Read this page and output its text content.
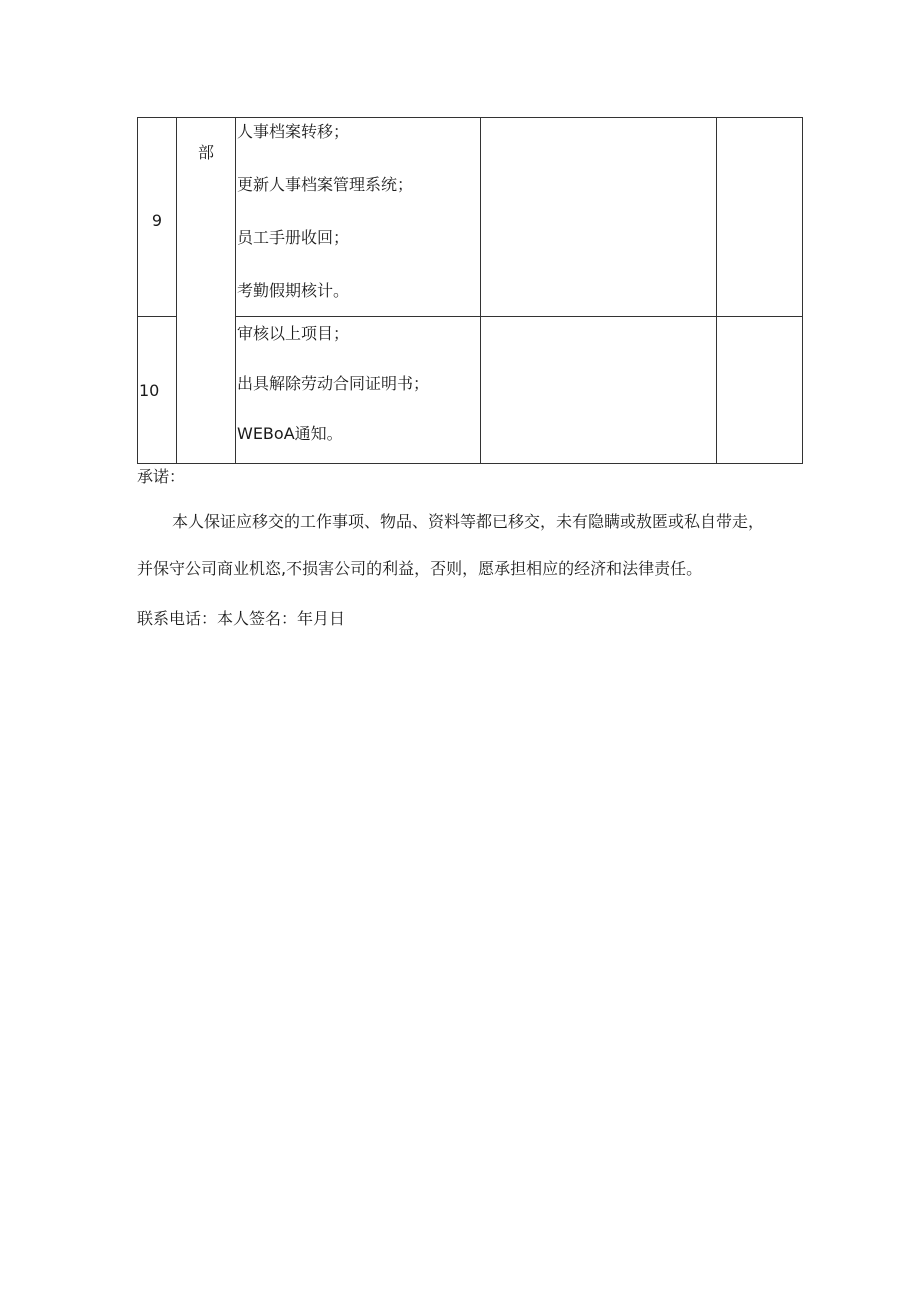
9	部	人事档案转移；
更新人事档案管理系统；
员工手册收回；
考勤假期核计。		

10		审核以上项目；
出具解除劳动合同证明书；
WEBoA通知。		

承诺：

本人保证应移交的工作事项、物品、资料等都已移交，未有隐瞒或敖匿或私自带走，

并保守公司商业机恣,不损害公司的利益，否则，愿承担相应的经济和法律责任。

联系电话：本人签名：年月日
